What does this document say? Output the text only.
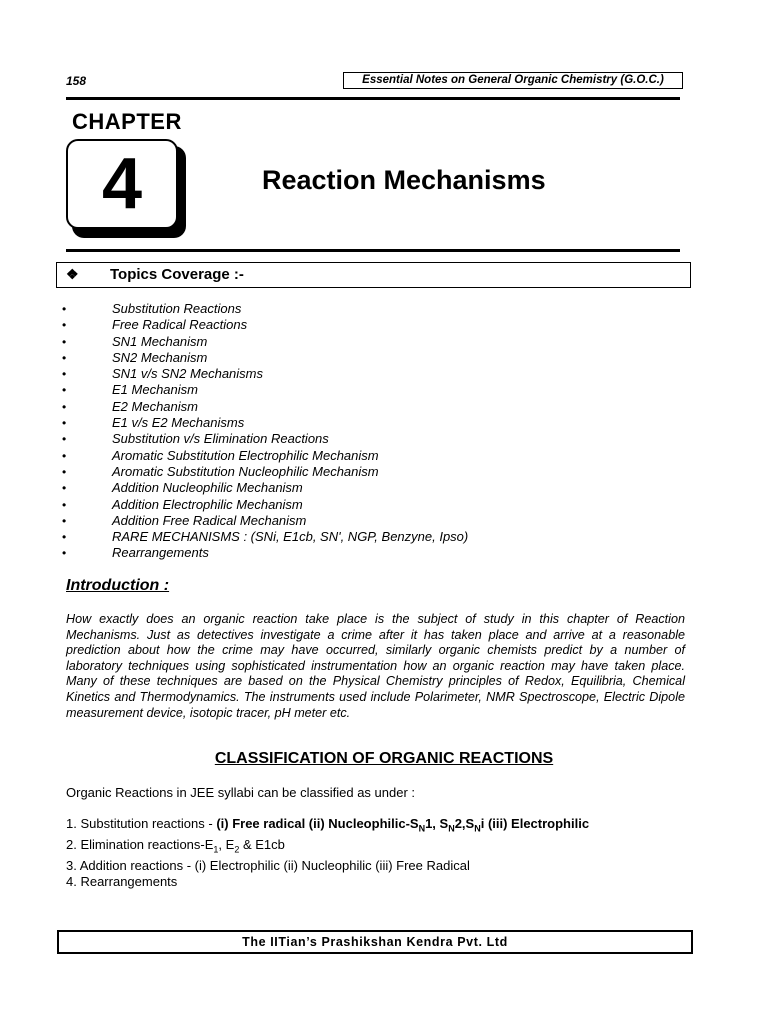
158	Essential Notes on General Organic Chemistry (G.O.C.)
CHAPTER
4	Reaction Mechanisms
❖ Topics Coverage :-
•	Substitution Reactions
•	Free Radical Reactions
•	SN1 Mechanism
•	SN2 Mechanism
•	SN1 v/s SN2 Mechanisms
•	E1 Mechanism
•	E2 Mechanism
•	E1 v/s E2 Mechanisms
•	Substitution v/s Elimination Reactions
•	Aromatic Substitution Electrophilic Mechanism
•	Aromatic Substitution Nucleophilic Mechanism
•	Addition Nucleophilic Mechanism
•	Addition Electrophilic Mechanism
•	Addition Free Radical Mechanism
•	RARE MECHANISMS : (SNi, E1cb, SN', NGP, Benzyne, Ipso)
•	Rearrangements
Introduction :

How exactly does an organic reaction take place is the subject of study in this chapter of Reaction Mechanisms. Just as detectives investigate a crime after it has taken place and arrive at a reasonable prediction about how the crime may have occurred, similarly organic chemists predict by a number of laboratory techniques using sophisticated instrumentation how an organic reaction may have taken place. Many of these techniques are based on the Physical Chemistry principles of Redox, Equilibria, Chemical Kinetics and Thermodynamics. The instruments used include Polarimeter, NMR Spectroscope, Electric Dipole measurement device, isotopic tracer, pH meter etc.

CLASSIFICATION OF ORGANIC REACTIONS
Organic Reactions in JEE syllabi can be classified as under :
1. Substitution reactions - (i) Free radical (ii) Nucleophilic-$S_N1$, $S_N2,S_Ni$ (iii) Electrophilic
2. Elimination reactions-$E_1$, $E_2$ & E1cb
3. Addition reactions - (i) Electrophilic (ii) Nucleophilic (iii) Free Radical
4. Rearrangements
The IITian’s Prashikshan Kendra Pvt. Ltd
